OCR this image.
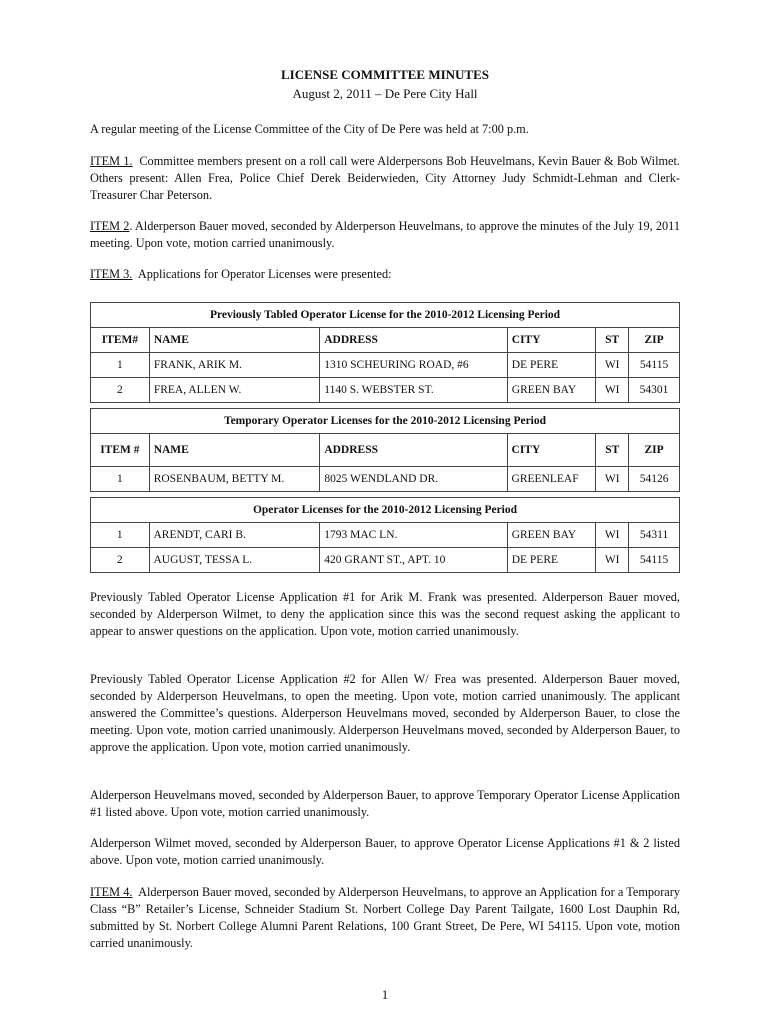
LICENSE COMMITTEE MINUTES
August 2, 2011 – De Pere City Hall
A regular meeting of the License Committee of the City of De Pere was held at 7:00 p.m.
ITEM 1. Committee members present on a roll call were Alderpersons Bob Heuvelmans, Kevin Bauer & Bob Wilmet. Others present: Allen Frea, Police Chief Derek Beiderwieden, City Attorney Judy Schmidt-Lehman and Clerk-Treasurer Char Peterson.
ITEM 2. Alderperson Bauer moved, seconded by Alderperson Heuvelmans, to approve the minutes of the July 19, 2011 meeting. Upon vote, motion carried unanimously.
ITEM 3. Applications for Operator Licenses were presented:
Previously Tabled Operator License for the 2010-2012 Licensing Period					
ITEM#	NAME	ADDRESS	CITY	ST	ZIP
1	FRANK, ARIK M.	1310 SCHEURING ROAD, #6	DE PERE	WI	54115
2	FREA, ALLEN W.	1140 S. WEBSTER ST.	GREEN BAY	WI	54301
Temporary Operator Licenses for the 2010-2012 Licensing Period					
ITEM #	NAME	ADDRESS	CITY	ST	ZIP
1	ROSENBAUM, BETTY M.	8025 WENDLAND DR.	GREENLEAF	WI	54126
Operator Licenses for the 2010-2012 Licensing Period					
1	ARENDT, CARI B.	1793 MAC LN.	GREEN BAY	WI	54311
2	AUGUST, TESSA L.	420 GRANT ST., APT. 10	DE PERE	WI	54115
Previously Tabled Operator License Application #1 for Arik M. Frank was presented. Alderperson Bauer moved, seconded by Alderperson Wilmet, to deny the application since this was the second request asking the applicant to appear to answer questions on the application. Upon vote, motion carried unanimously.
Previously Tabled Operator License Application #2 for Allen W/ Frea was presented. Alderperson Bauer moved, seconded by Alderperson Heuvelmans, to open the meeting. Upon vote, motion carried unanimously. The applicant answered the Committee’s questions. Alderperson Heuvelmans moved, seconded by Alderperson Bauer, to close the meeting. Upon vote, motion carried unanimously. Alderperson Heuvelmans moved, seconded by Alderperson Bauer, to approve the application. Upon vote, motion carried unanimously.
Alderperson Heuvelmans moved, seconded by Alderperson Bauer, to approve Temporary Operator License Application #1 listed above. Upon vote, motion carried unanimously.
Alderperson Wilmet moved, seconded by Alderperson Bauer, to approve Operator License Applications #1 & 2 listed above. Upon vote, motion carried unanimously.
ITEM 4. Alderperson Bauer moved, seconded by Alderperson Heuvelmans, to approve an Application for a Temporary Class “B” Retailer’s License, Schneider Stadium St. Norbert College Day Parent Tailgate, 1600 Lost Dauphin Rd, submitted by St. Norbert College Alumni Parent Relations, 100 Grant Street, De Pere, WI 54115. Upon vote, motion carried unanimously.
1
